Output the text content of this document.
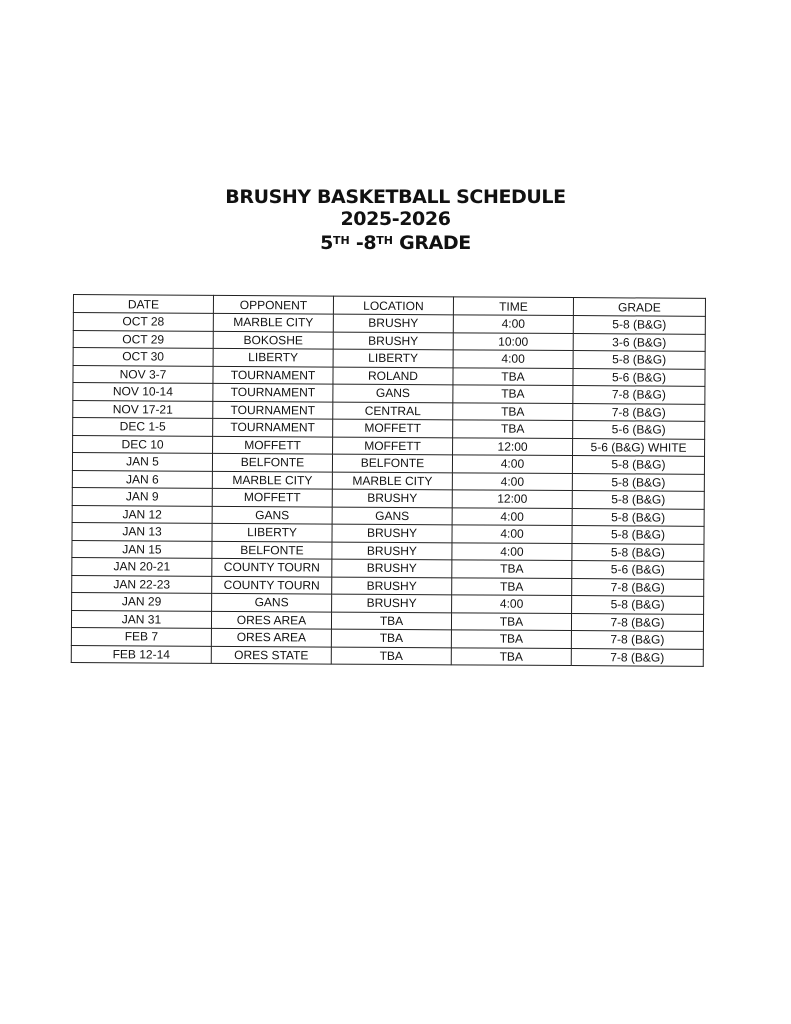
BRUSHY BASKETBALL SCHEDULE
2025-2026
5TH -8TH GRADE
DATE	OPPONENT	LOCATION	TIME	GRADE
OCT 28	MARBLE CITY	BRUSHY	4:00	5-8 (B&G)
OCT 29	BOKOSHE	BRUSHY	10:00	3-6 (B&G)
OCT 30	LIBERTY	LIBERTY	4:00	5-8 (B&G)
NOV 3-7	TOURNAMENT	ROLAND	TBA	5-6 (B&G)
NOV 10-14	TOURNAMENT	GANS	TBA	7-8 (B&G)
NOV 17-21	TOURNAMENT	CENTRAL	TBA	7-8 (B&G)
DEC 1-5	TOURNAMENT	MOFFETT	TBA	5-6 (B&G)
DEC 10	MOFFETT	MOFFETT	12:00	5-6 (B&G) WHITE
JAN 5	BELFONTE	BELFONTE	4:00	5-8 (B&G)
JAN 6	MARBLE CITY	MARBLE CITY	4:00	5-8 (B&G)
JAN 9	MOFFETT	BRUSHY	12:00	5-8 (B&G)
JAN 12	GANS	GANS	4:00	5-8 (B&G)
JAN 13	LIBERTY	BRUSHY	4:00	5-8 (B&G)
JAN 15	BELFONTE	BRUSHY	4:00	5-8 (B&G)
JAN 20-21	COUNTY TOURN	BRUSHY	TBA	5-6 (B&G)
JAN 22-23	COUNTY TOURN	BRUSHY	TBA	7-8 (B&G)
JAN 29	GANS	BRUSHY	4:00	5-8 (B&G)
JAN 31	ORES AREA	TBA	TBA	7-8 (B&G)
FEB 7	ORES AREA	TBA	TBA	7-8 (B&G)
FEB 12-14	ORES STATE	TBA	TBA	7-8 (B&G)
